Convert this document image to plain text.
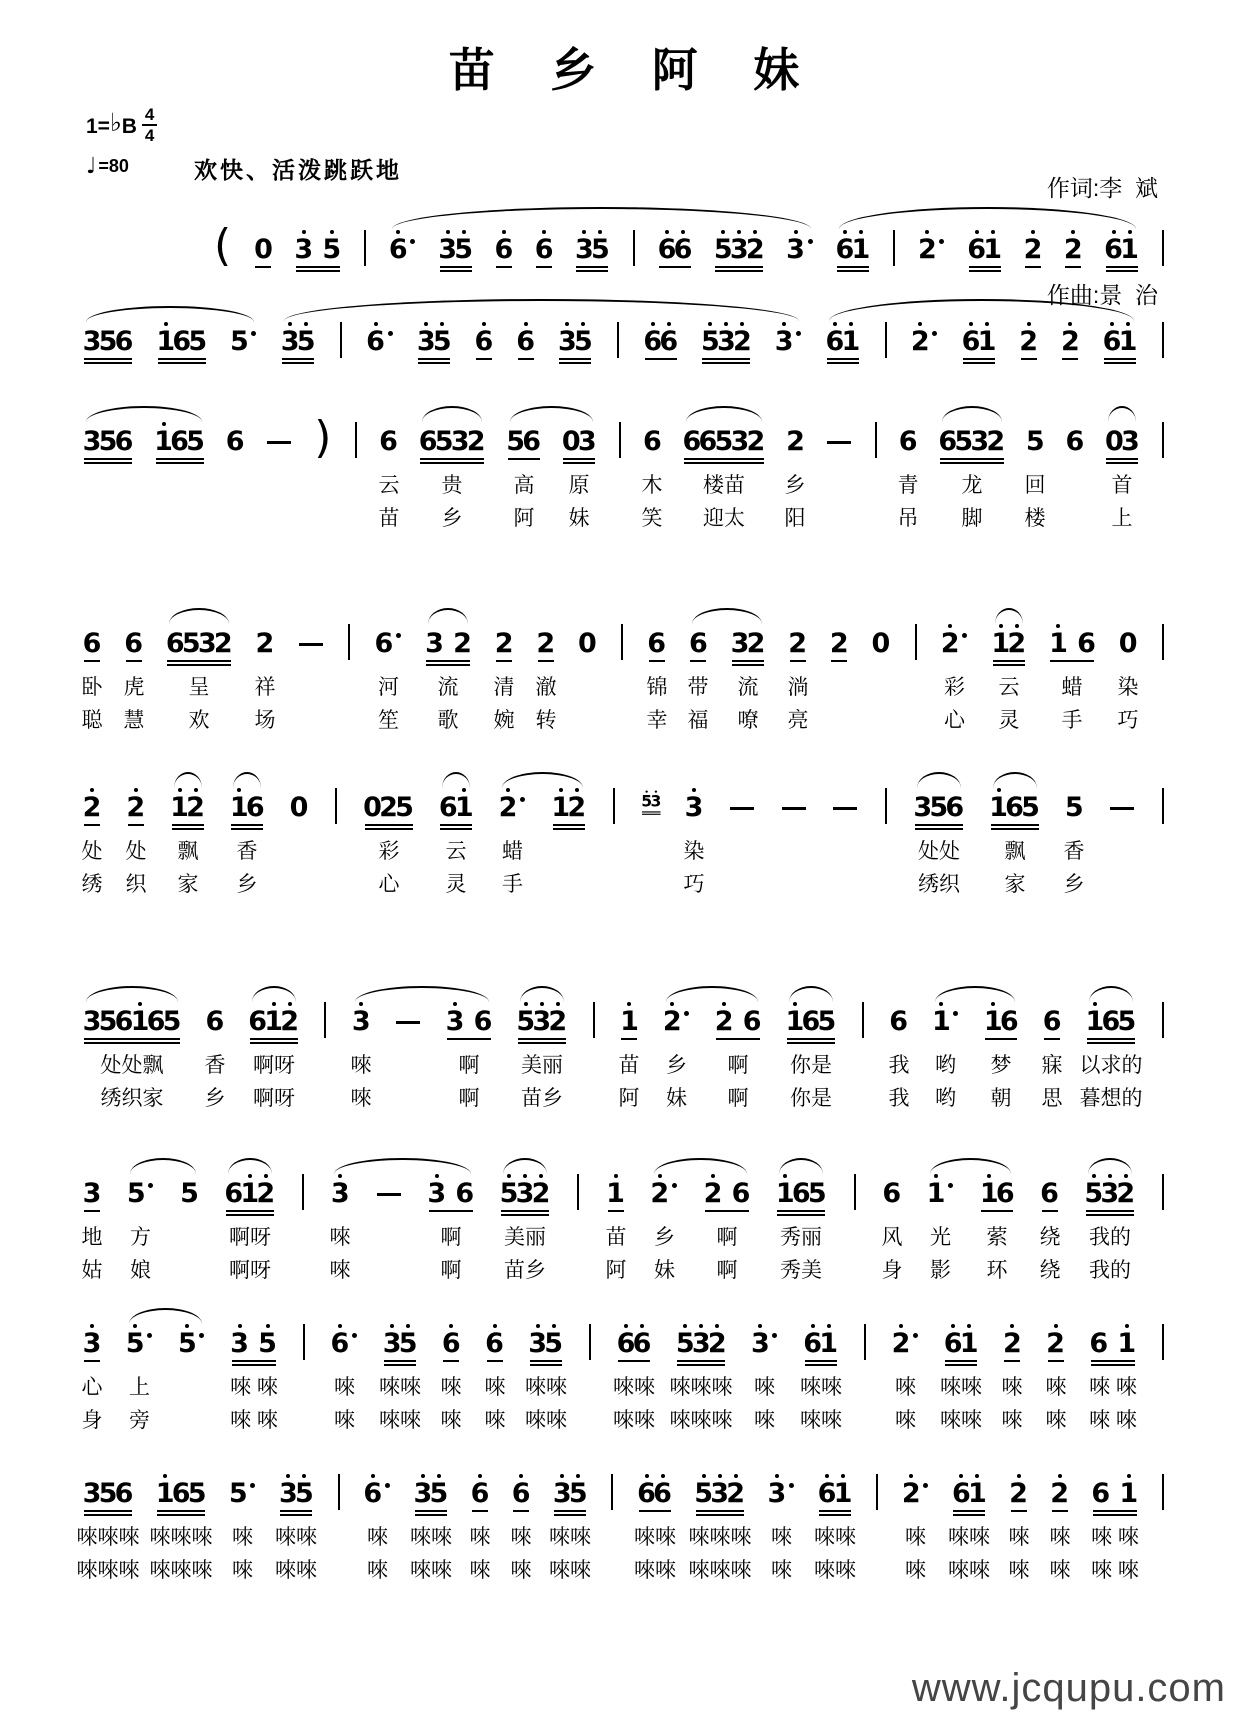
苗 乡 阿 妹
1= ♭ B $\frac{4}{4}$
♩ =80	欢快、活泼跳跃地

作词:李  斌

作曲:景  治

( 0 3 5 6 3
5 6 6 3
5 6
6 5
3
2 3 6
1 2 6
1 2 2 6
1
3
5
6 1
6
5 5 3
5 6 3
5 6 6 3
5 6
6 5
3
2 3 6
1 2 6
1 2 2 6
1
3
5
6 1
6
5 6 ) 6 6
5
3
2 5
6 0
3 6 6
6
5
3
2 2	6 6
5
3
2 5 6 0
3
云 贵 高 原 木 楼苗 乡	青 龙 回	首
苗 乡 阿 妹 笑 迎太 阳	吊 脚 楼	上
6 6 6
5
3
2 2	6 3 2 2 2 0 6 6 3
2 2 2 0 2 1
2 1 6 0
卧 虎 呈 祥	河 流 清 澈	锦 带 流 淌	彩 云 蜡 染
聪 慧 欢 场	笙 歌 婉 转	幸 福 嘹 亮	心 灵 手 巧
2 2 1
2 1
6 0 0
2
5 6
1 2 1
2 5
3 3	3
5
6 1
6
5 5
处 处 飘 香	彩 云 蜡	染	处处 飘 香
绣 织 家 乡	心 灵 手	巧	绣织 家 乡
3
5
6
1
6
5 6 6
1
2 3	3 6 5
3
2 1 2 2 6 1
6
5 6 1 1
6 6 1
6
5
处处飘 香 啊呀	唻	啊 美丽	苗 乡 啊 你是	我 哟 梦 寐 以求的
绣织家 乡 啊呀	唻	啊 苗乡	阿 妹 啊 你是	我 哟 朝 思 暮想的
3 5 5 6
1
2 3	3 6 5
3
2 1 2 2 6 1
6
5 6 1 1
6 6 5
3
2
地 方	啊呀	唻	啊 美丽	苗 乡 啊 秀丽	风 光 萦 绕 我的
姑 娘	啊呀	唻	啊 苗乡	阿 妹 啊 秀美	身 影 环 绕 我的
3 5 5 3 5 6 3
5 6 6 3
5 6
6 5
3
2 3 6
1 2 6
1 2 2 6 1
心 上	唻 唻	唻 唻唻 唻 唻 唻唻 唻唻 唻唻唻 唻 唻唻	唻 唻唻 唻 唻 唻 唻
身 旁	唻 唻	唻 唻唻 唻 唻 唻唻 唻唻 唻唻唻 唻 唻唻	唻 唻唻 唻 唻 唻 唻
3
5
6 1
6
5 5 3
5 6 3
5 6 6 3
5 6
6 5
3
2 3 6
1 2 6
1 2 2 6 1
唻唻唻 唻唻唻 唻 唻唻 唻 唻唻 唻 唻 唻唻 唻唻 唻唻唻 唻 唻唻 唻 唻唻 唻 唻 唻 唻
唻唻唻 唻唻唻 唻 唻唻 唻 唻唻 唻 唻 唻唻 唻唻 唻唻唻 唻 唻唻 唻 唻唻 唻 唻 唻 唻
www.jcqupu.com
